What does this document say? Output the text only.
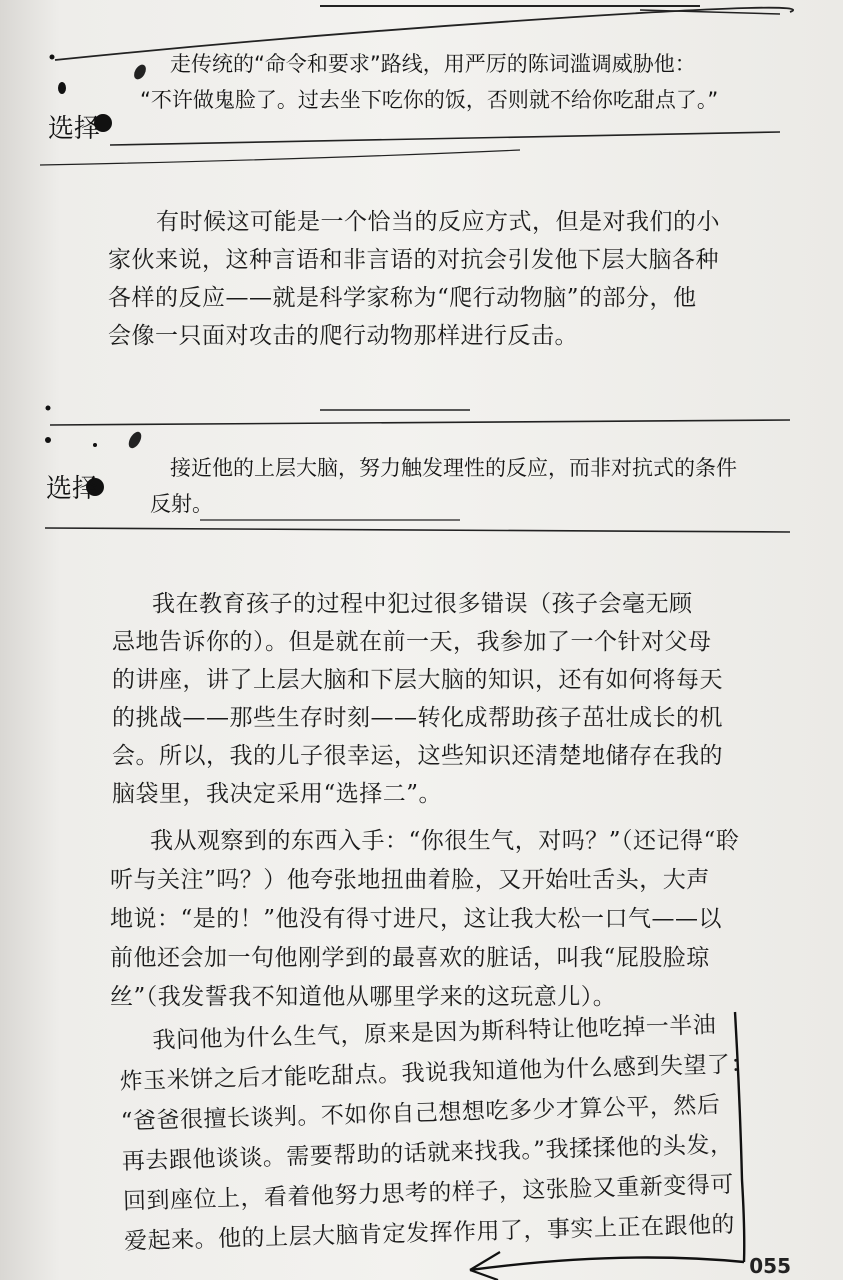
选择
走传统的“命令和要求”路线，用严厉的陈词滥调威胁他：
“不许做鬼脸了。过去坐下吃你的饭，否则就不给你吃甜点了。”
有时候这可能是一个恰当的反应方式，但是对我们的小
家伙来说，这种言语和非言语的对抗会引发他下层大脑各种
各样的反应——就是科学家称为“爬行动物脑”的部分，他
会像一只面对攻击的爬行动物那样进行反击。
选择
接近他的上层大脑，努力触发理性的反应，而非对抗式的条件
反射。
我在教育孩子的过程中犯过很多错误（孩子会毫无顾
忌地告诉你的）。但是就在前一天，我参加了一个针对父母
的讲座，讲了上层大脑和下层大脑的知识，还有如何将每天
的挑战——那些生存时刻——转化成帮助孩子茁壮成长的机
会。所以，我的儿子很幸运，这些知识还清楚地储存在我的
脑袋里，我决定采用“选择二”。
我从观察到的东西入手：“你很生气，对吗？”（还记得“聆
听与关注”吗？）他夸张地扭曲着脸，又开始吐舌头，大声
地说：“是的！”他没有得寸进尺，这让我大松一口气——以
前他还会加一句他刚学到的最喜欢的脏话，叫我“屁股脸琼
丝”（我发誓我不知道他从哪里学来的这玩意儿）。
我问他为什么生气，原来是因为斯科特让他吃掉一半油
炸玉米饼之后才能吃甜点。我说我知道他为什么感到失望了：
“爸爸很擅长谈判。不如你自己想想吃多少才算公平，然后
再去跟他谈谈。需要帮助的话就来找我。”我揉揉他的头发，
回到座位上，看着他努力思考的样子，这张脸又重新变得可
爱起来。他的上层大脑肯定发挥作用了，事实上正在跟他的
055
